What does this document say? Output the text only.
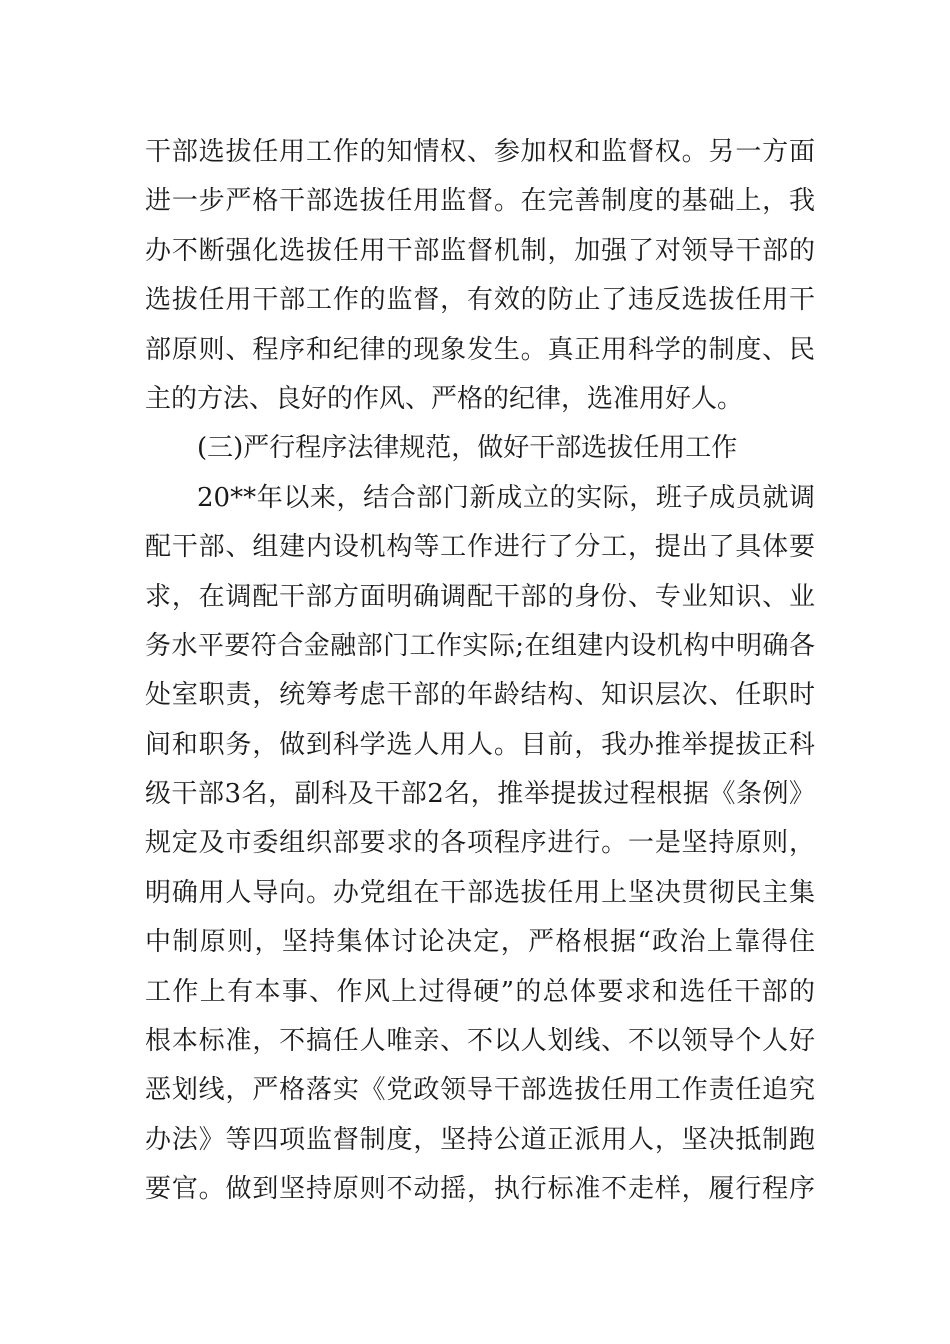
干部选拔任用工作的知情权、参加权和监督权。另一方面
进一步严格干部选拔任用监督。在完善制度的基础上，我
办不断强化选拔任用干部监督机制，加强了对领导干部的
选拔任用干部工作的监督，有效的防止了违反选拔任用干
部原则、程序和纪律的现象发生。真正用科学的制度、民
主的方法、良好的作风、严格的纪律，选准用好人。
(三)严行程序法律规范，做好干部选拔任用工作
20**年以来，结合部门新成立的实际，班子成员就调
配干部、组建内设机构等工作进行了分工，提出了具体要
求，在调配干部方面明确调配干部的身份、专业知识、业
务水平要符合金融部门工作实际;在组建内设机构中明确各
处室职责，统筹考虑干部的年龄结构、知识层次、任职时
间和职务，做到科学选人用人。目前，我办推举提拔正科
级干部3名，副科及干部2名，推举提拔过程根据《条例》
规定及市委组织部要求的各项程序进行。一是坚持原则，
明确用人导向。办党组在干部选拔任用上坚决贯彻民主集
中制原则，坚持集体讨论决定，严格根据“政治上靠得住
工作上有本事、作风上过得硬”的总体要求和选任干部的
根本标准，不搞任人唯亲、不以人划线、不以领导个人好
恶划线，严格落实《党政领导干部选拔任用工作责任追究
办法》等四项监督制度，坚持公道正派用人，坚决抵制跑
要官。做到坚持原则不动摇，执行标准不走样，履行程序
